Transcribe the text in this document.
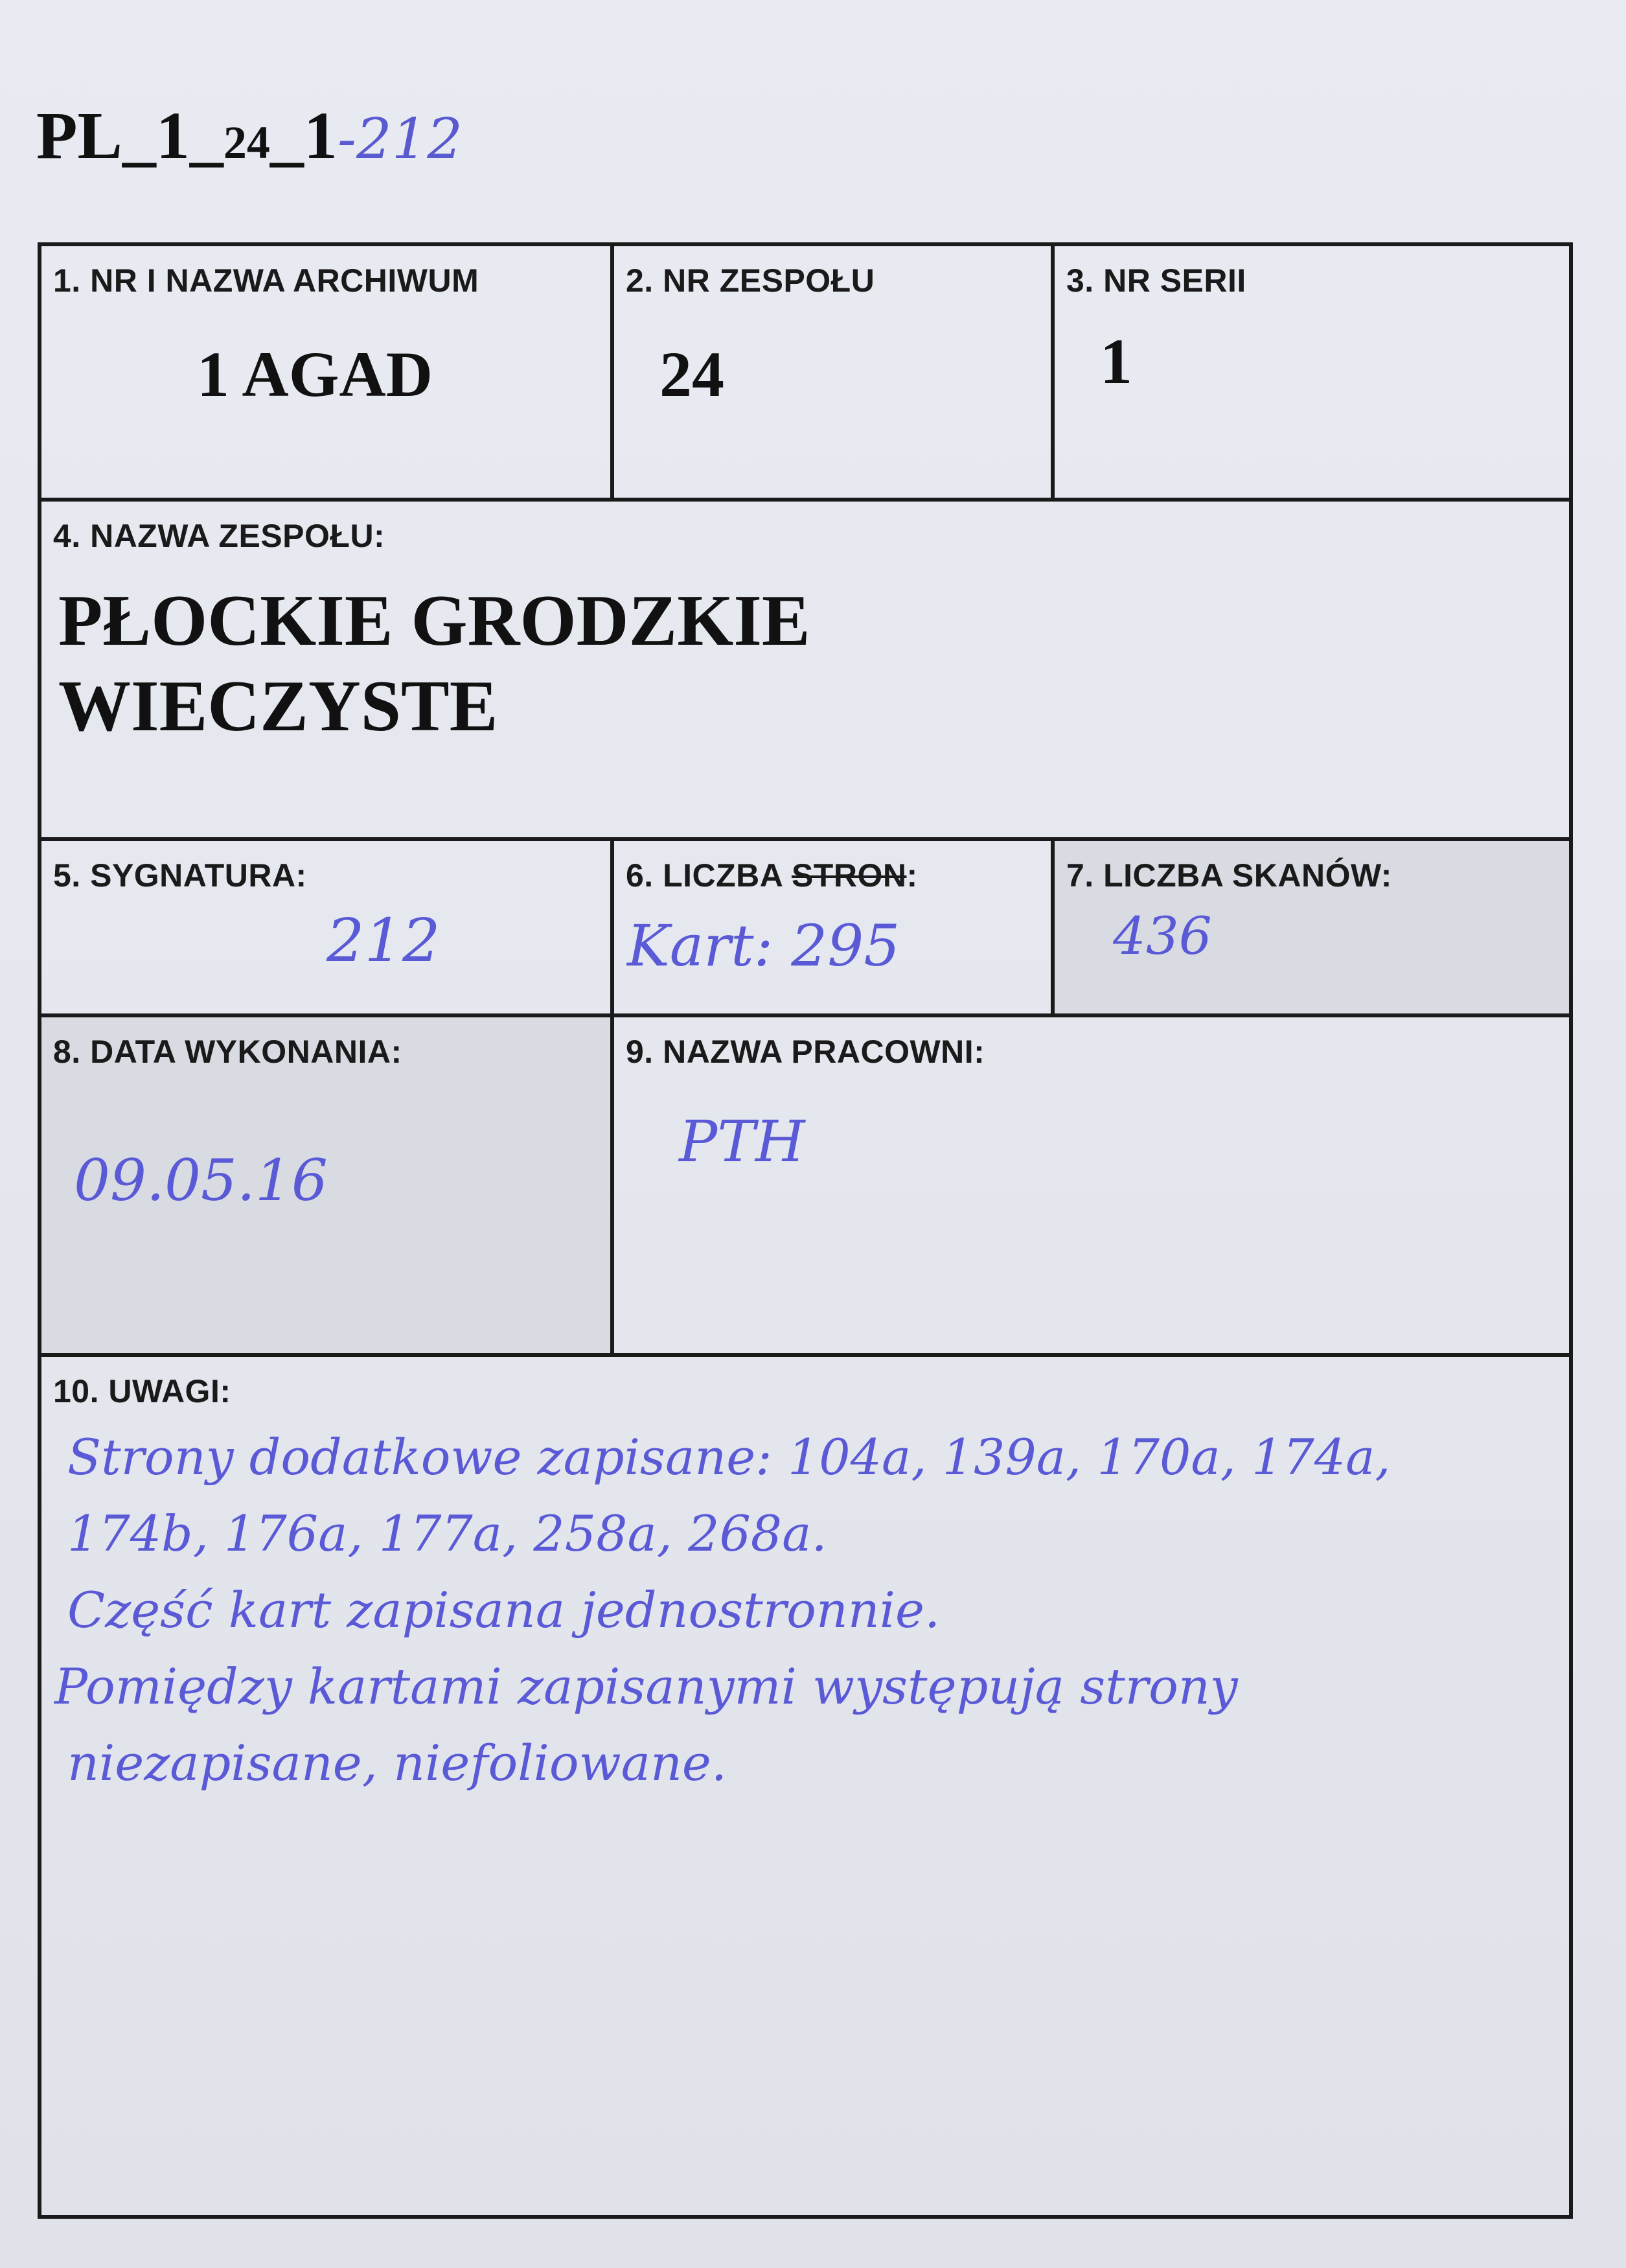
PL_1_24_1-212
1. NR I NAZWA ARCHIWUM
1 AGAD
2. NR ZESPOŁU
24
3. NR SERII
1
4. NAZWA ZESPOŁU:
PŁOCKIE GRODZKIE
WIECZYSTE
5. SYGNATURA:
212
6. LICZBA STRON:
Kart: 295
7. LICZBA SKANÓW:
436
8. DATA WYKONANIA:
09.05.16
9. NAZWA PRACOWNI:
PTH
10. UWAGI:
Strony dodatkowe zapisane: 104a, 139a, 170a, 174a,
174b, 176a, 177a, 258a, 268a.
Część kart zapisana jednostronnie.
Pomiędzy kartami zapisanymi występują strony
niezapisane, niefoliowane.
